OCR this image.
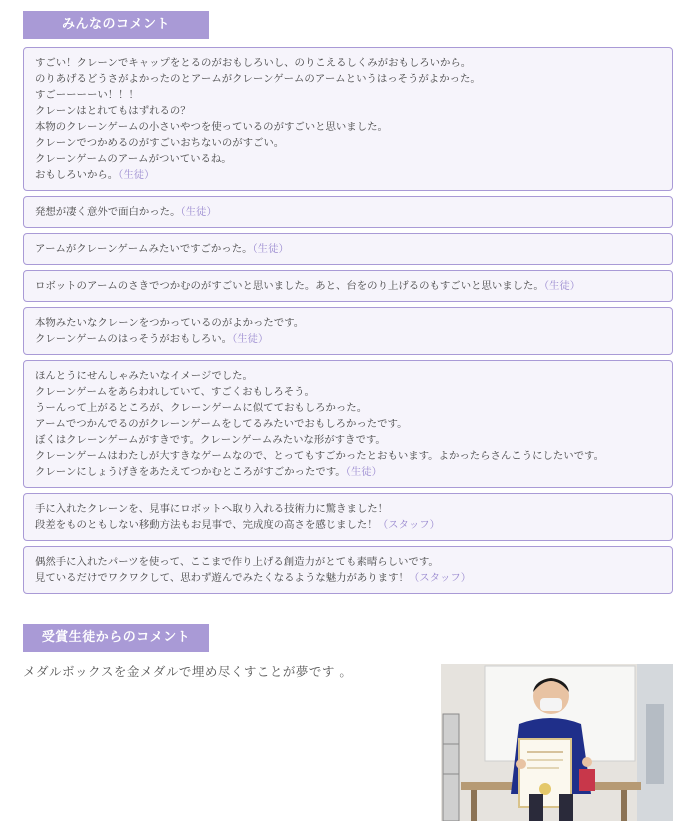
みんなのコメント
すごい！クレーンでキャップをとるのがおもしろいし、のりこえるしくみがおもしろいから。
のりあげるどうさがよかったのとアームがクレーンゲームのアームというはっそうがよかった。
すごーーーーい！！！
クレーンはとれてもはずれるの？
本物のクレーンゲームの小さいやつを使っているのがすごいと思いました。
クレーンでつかめるのがすごいおちないのがすごい。
クレーンゲームのアームがついているね。
おもしろいから。（生徒）
発想が凄く意外で面白かった。（生徒）
アームがクレーンゲームみたいですごかった。（生徒）
ロボットのアームのさきでつかむのがすごいと思いました。あと、台をのり上げるのもすごいと思いました。（生徒）
本物みたいなクレーンをつかっているのがよかったです。
クレーンゲームのはっそうがおもしろい。（生徒）
ほんとうにせんしゃみたいなイメージでした。
クレーンゲームをあらわれしていて、すごくおもしろそう。
うーんって上がるところが、クレーンゲームに似てておもしろかった。
アームでつかんでるのがクレーンゲームをしてるみたいでおもしろかったです。
ぼくはクレーンゲームがすきです。クレーンゲームみたいな形がすきです。
クレーンゲームはわたしが大すきなゲームなので、とってもすごかったとおもいます。よかったらさんこうにしたいです。
クレーンにしょうげきをあたえてつかむところがすごかったです。（生徒）
手に入れたクレーンを、見事にロボットへ取り入れる技術力に驚きました！
段差をものともしない移動方法もお見事で、完成度の高さを感じました！（スタッフ）
偶然手に入れたパーツを使って、ここまで作り上げる創造力がとても素晴らしいです。
見ているだけでワクワクして、思わず遊んでみたくなるような魅力があります！（スタッフ）
受賞生徒からのコメント
メダルボックスを金メダルで埋め尽くすことが夢です 。
